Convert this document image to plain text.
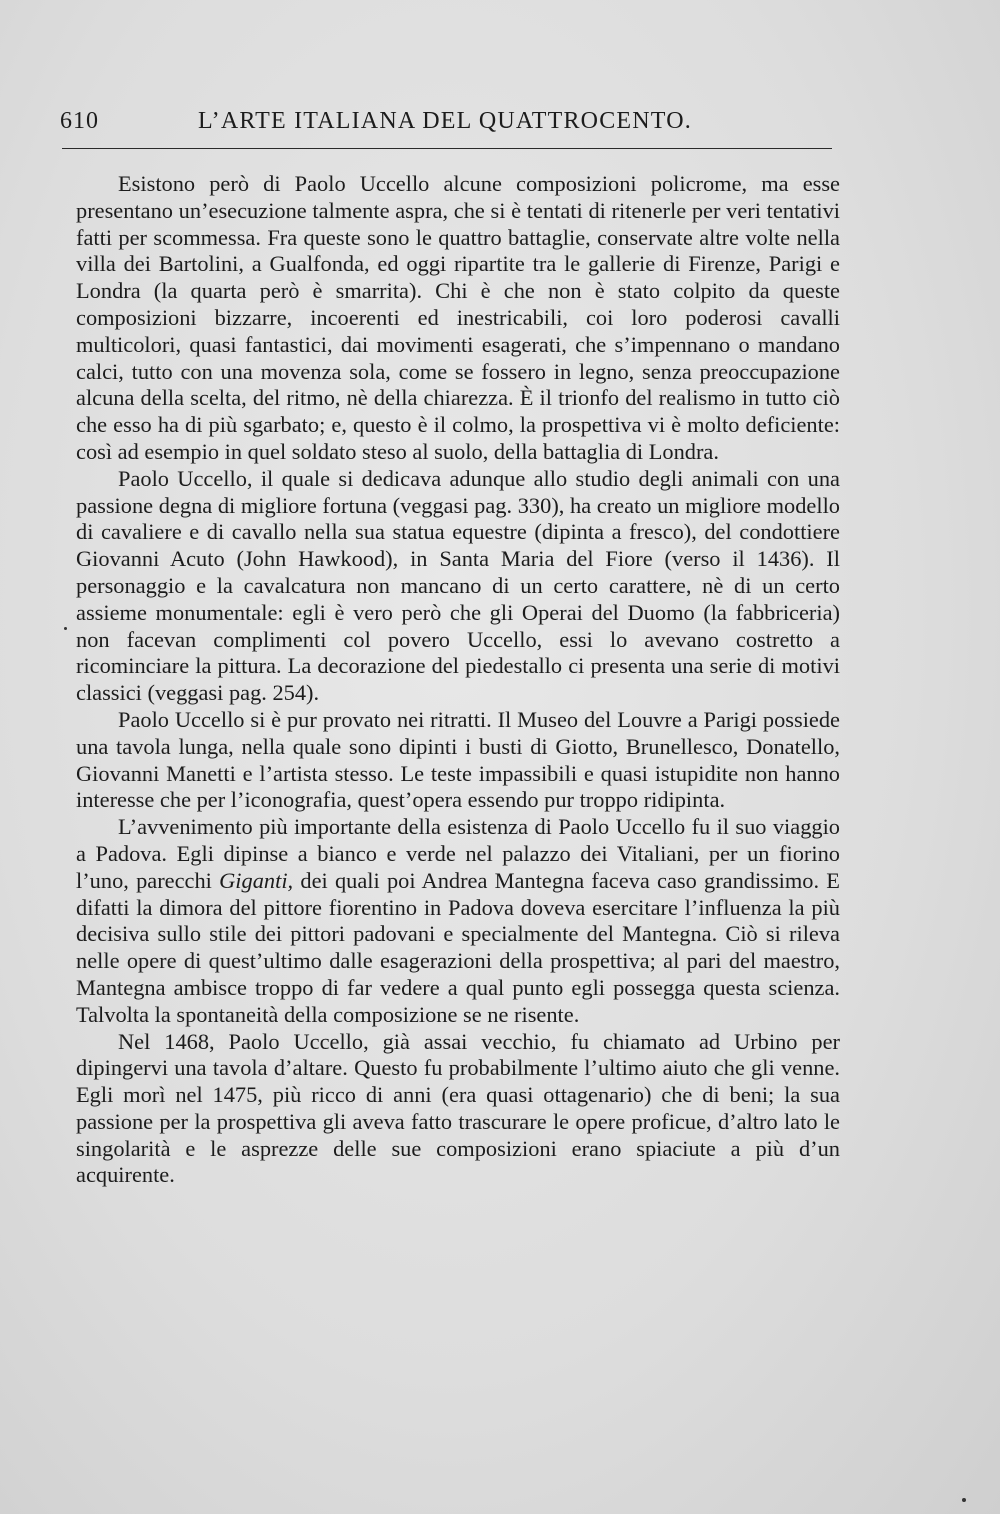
610	L’ARTE ITALIANA DEL QUATTROCENTO.

Esistono però di Paolo Uccello alcune composizioni policrome, ma esse presentano un’esecuzione talmente aspra, che si è tentati di ritenerle per veri tentativi fatti per scommessa. Fra queste sono le quattro battaglie, conservate altre volte nella villa dei Bartolini, a Gualfonda, ed oggi ripartite tra le gallerie di Firenze, Parigi e Londra (la quarta però è smarrita). Chi è che non è stato colpito da queste composizioni bizzarre, incoerenti ed inestricabili, coi loro poderosi cavalli multicolori, quasi fantastici, dai movimenti esagerati, che s’impennano o mandano calci, tutto con una movenza sola, come se fossero in legno, senza preoccupazione alcuna della scelta, del ritmo, nè della chiarezza. È il trionfo del realismo in tutto ciò che esso ha di più sgarbato; e, questo è il colmo, la prospettiva vi è molto deficiente: così ad esempio in quel soldato steso al suolo, della battaglia di Londra.

Paolo Uccello, il quale si dedicava adunque allo studio degli animali con una passione degna di migliore fortuna (veggasi pag. 330), ha creato un migliore modello di cavaliere e di cavallo nella sua statua equestre (dipinta a fresco), del condottiere Giovanni Acuto (John Hawkood), in Santa Maria del Fiore (verso il 1436). Il personaggio e la cavalcatura non mancano di un certo carattere, nè di un certo assieme monumentale: egli è vero però che gli Operai del Duomo (la fabbriceria) non facevan complimenti col povero Uccello, essi lo avevano costretto a ricominciare la pittura. La decorazione del piedestallo ci presenta una serie di motivi classici (veggasi pag. 254).

Paolo Uccello si è pur provato nei ritratti. Il Museo del Louvre a Parigi possiede una tavola lunga, nella quale sono dipinti i busti di Giotto, Brunellesco, Donatello, Giovanni Manetti e l’artista stesso. Le teste impassibili e quasi istupidite non hanno interesse che per l’iconografia, quest’opera essendo pur troppo ridipinta.

L’avvenimento più importante della esistenza di Paolo Uccello fu il suo viaggio a Padova. Egli dipinse a bianco e verde nel palazzo dei Vitaliani, per un fiorino l’uno, parecchi Giganti, dei quali poi Andrea Mantegna faceva caso grandissimo. E difatti la dimora del pittore fiorentino in Padova doveva esercitare l’influenza la più decisiva sullo stile dei pittori padovani e specialmente del Mantegna. Ciò si rileva nelle opere di quest’ultimo dalle esagerazioni della prospettiva; al pari del maestro, Mantegna ambisce troppo di far vedere a qual punto egli possegga questa scienza. Talvolta la spontaneità della composizione se ne risente.

Nel 1468, Paolo Uccello, già assai vecchio, fu chiamato ad Urbino per dipingervi una tavola d’altare. Questo fu probabilmente l’ultimo aiuto che gli venne. Egli morì nel 1475, più ricco di anni (era quasi ottagenario) che di beni; la sua passione per la prospettiva gli aveva fatto trascurare le opere proficue, d’altro lato le singolarità e le asprezze delle sue composizioni erano spiaciute a più d’un acquirente.
